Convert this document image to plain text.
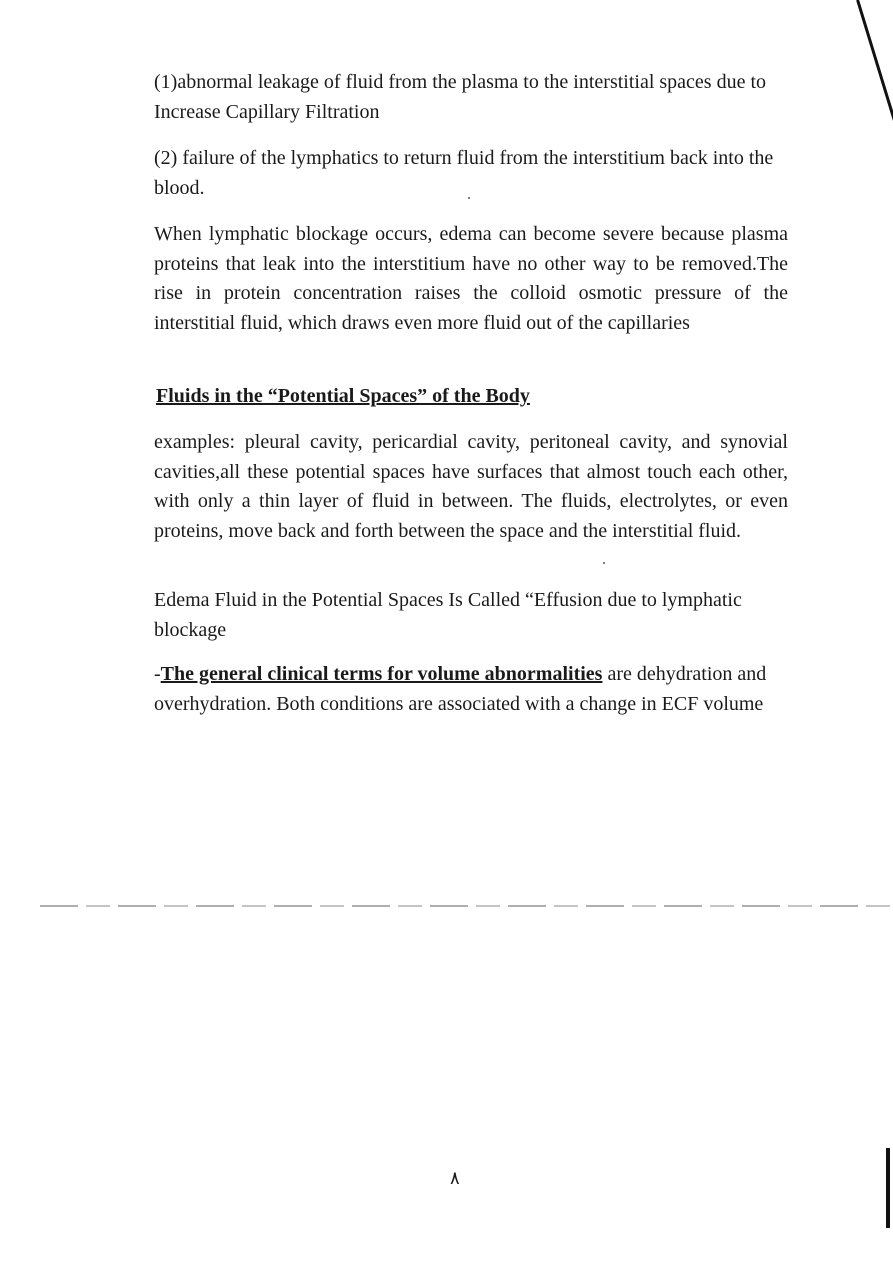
(1)abnormal leakage of fluid from the plasma to the interstitial spaces due to Increase Capillary Filtration

(2) failure of the lymphatics to return fluid from the interstitium back into the blood.

When lymphatic blockage occurs, edema can become severe because plasma proteins that leak into the interstitium have no other way to be removed.The rise in protein concentration raises the colloid osmotic pressure of the interstitial fluid, which draws even more fluid out of the capillaries

Fluids in the “Potential Spaces” of the Body

examples: pleural cavity, pericardial cavity, peritoneal cavity, and synovial cavities,all these potential spaces have surfaces that almost touch each other, with only a thin layer of fluid in between. The fluids, electrolytes, or even proteins, move back and forth between the space and the interstitial fluid.

Edema Fluid in the Potential Spaces Is Called “Effusion due to lymphatic blockage

-The general clinical terms for volume abnormalities are dehydration and overhydration. Both conditions are associated with a change in ECF volume

٨
